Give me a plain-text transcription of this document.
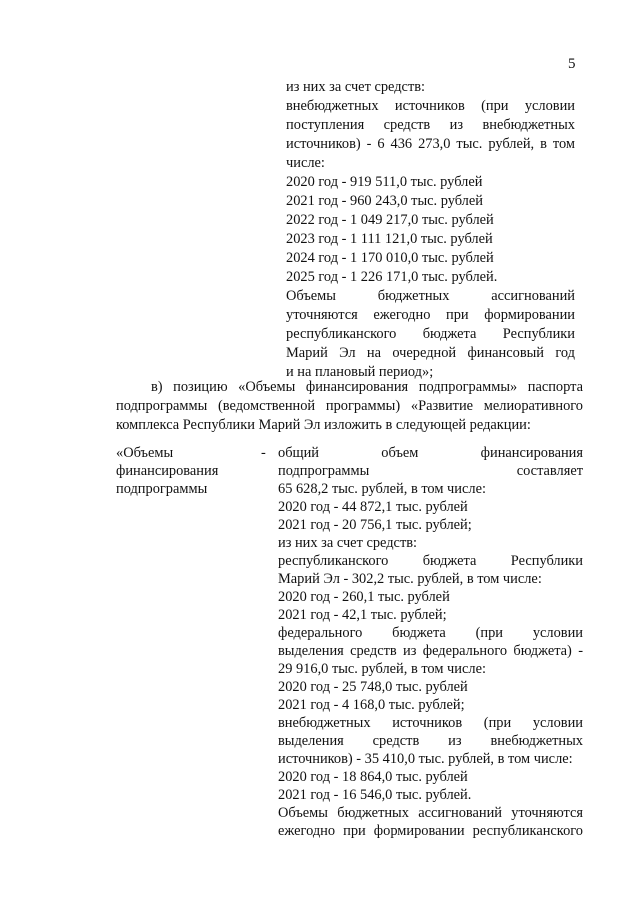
5
из них за счет средств:
внебюджетных источников (при условии
поступления средств из внебюджетных
источников) - 6 436 273,0 тыс. рублей, в том
числе:
2020 год - 919 511,0 тыс. рублей
2021 год - 960 243,0 тыс. рублей
2022 год - 1 049 217,0 тыс. рублей
2023 год - 1 111 121,0 тыс. рублей
2024 год - 1 170 010,0 тыс. рублей
2025 год - 1 226 171,0 тыс. рублей.
Объемы бюджетных ассигнований
уточняются ежегодно при формировании
республиканского бюджета Республики
Марий Эл на очередной финансовый год
и на плановый период»;
в) позицию «Объемы финансирования подпрограммы» паспорта
подпрограммы (ведомственной программы) «Развитие мелиоративного
комплекса Республики Марий Эл изложить в следующей редакции:
«Объемы
финансирования
подпрограммы
- общий объем финансирования
подпрограммы составляет
65 628,2 тыс. рублей, в том числе:
2020 год - 44 872,1 тыс. рублей
2021 год - 20 756,1 тыс. рублей;
из них за счет средств:
республиканского бюджета Республики
Марий Эл - 302,2 тыс. рублей, в том числе:
2020 год - 260,1 тыс. рублей
2021 год - 42,1 тыс. рублей;
федерального бюджета (при условии
выделения средств из федерального бюджета) -
29 916,0 тыс. рублей, в том числе:
2020 год - 25 748,0 тыс. рублей
2021 год - 4 168,0 тыс. рублей;
внебюджетных источников (при условии
выделения средств из внебюджетных
источников) - 35 410,0 тыс. рублей, в том числе:
2020 год - 18 864,0 тыс. рублей
2021 год - 16 546,0 тыс. рублей.
Объемы бюджетных ассигнований уточняются
ежегодно при формировании республиканского
